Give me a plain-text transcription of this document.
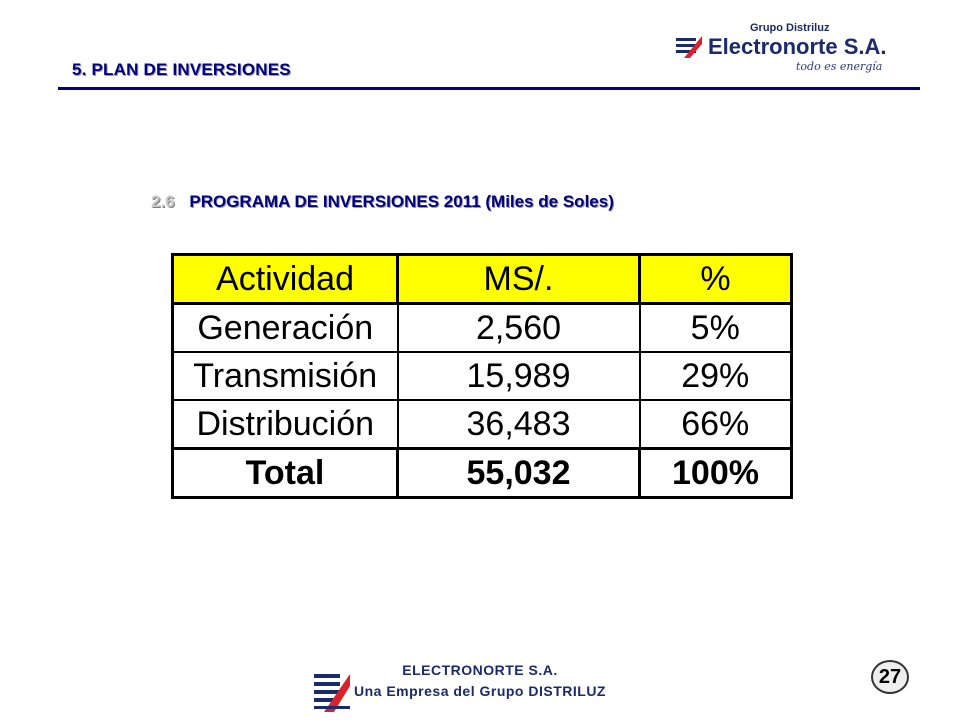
5. PLAN DE INVERSIONES
Grupo Distriluz
Electronorte S.A.
todo es energía
2.6 PROGRAMA DE INVERSIONES 2011 (Miles de Soles)
Actividad	MS/.	%
Generación	2,560	5%
Transmisión	15,989	29%
Distribución	36,483	66%
Total	55,032	100%
ELECTRONORTE S.A.
Una Empresa del Grupo DISTRILUZ
27
